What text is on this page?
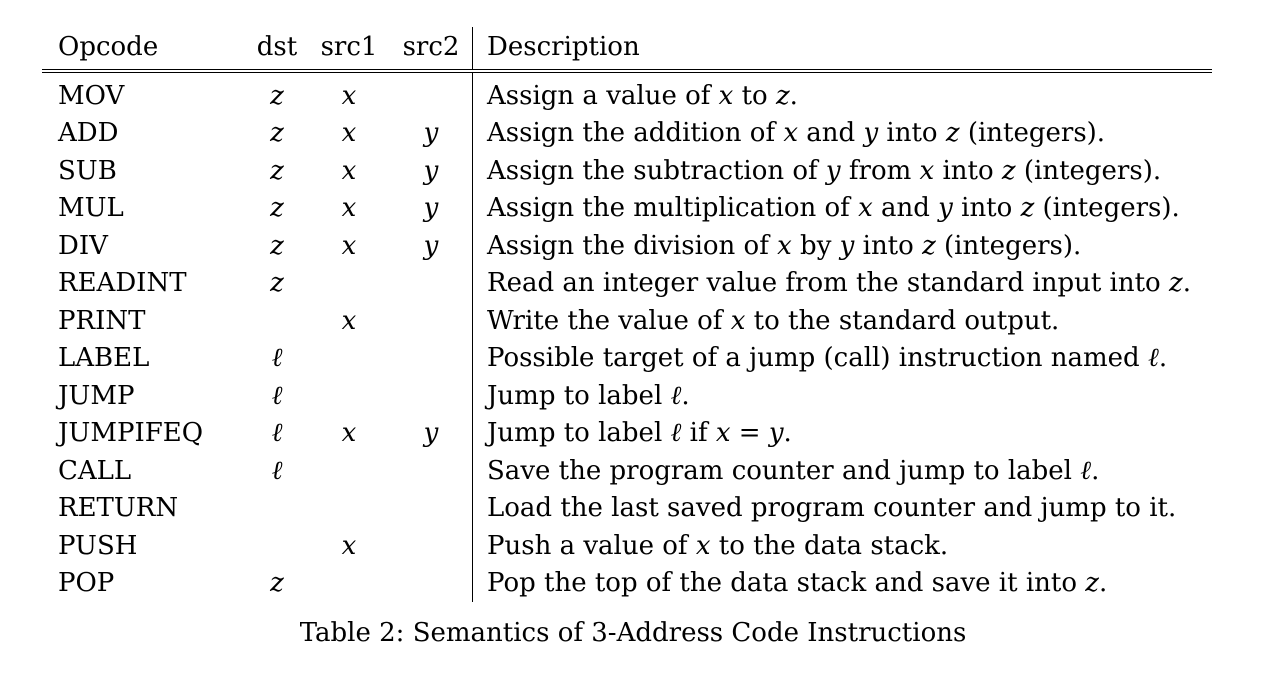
Opcode	dst	src1	src2	Description
MOV	z	x		Assign a value of x to z.
ADD	z	x	y	Assign the addition of x and y into z (integers).
SUB	z	x	y	Assign the subtraction of y from x into z (integers).
MUL	z	x	y	Assign the multiplication of x and y into z (integers).
DIV	z	x	y	Assign the division of x by y into z (integers).
READINT	z			Read an integer value from the standard input into z.
PRINT		x		Write the value of x to the standard output.
LABEL	ℓ			Possible target of a jump (call) instruction named ℓ.
JUMP	ℓ			Jump to label ℓ.
JUMPIFEQ	ℓ	x	y	Jump to label ℓ if x = y.
CALL	ℓ			Save the program counter and jump to label ℓ.
RETURN				Load the last saved program counter and jump to it.
PUSH		x		Push a value of x to the data stack.
POP	z			Pop the top of the data stack and save it into z.
Table 2: Semantics of 3-Address Code Instructions
